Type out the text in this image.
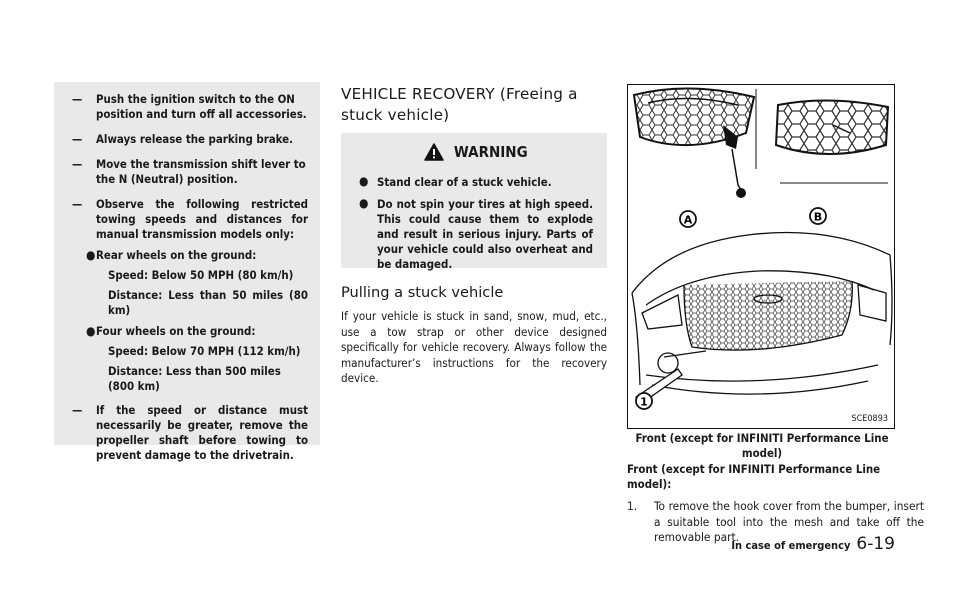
— Push the ignition switch to the ON position and turn off all accessories.

— Always release the parking brake.

— Move the transmission shift lever to the N (Neutral) position.

— Observe the following restricted towing speeds and distances for manual transmission models only:

● Rear wheels on the ground:

Speed: Below 50 MPH (80 km/h)

Distance: Less than 50 miles (80 km)

● Four wheels on the ground:

Speed: Below 70 MPH (112 km/h)

Distance: Less than 500 miles (800 km)

— If the speed or distance must necessarily be greater, remove the propeller shaft before towing to prevent damage to the drivetrain.

VEHICLE RECOVERY (Freeing a stuck vehicle)
WARNING
● Stand clear of a stuck vehicle.
● Do not spin your tires at high speed. This could cause them to explode and result in serious injury. Parts of your vehicle could also overheat and be damaged.
Pulling a stuck vehicle

If your vehicle is stuck in sand, snow, mud, etc., use a tow strap or other device designed specifically for vehicle recovery. Always follow the manufacturer’s instructions for the recovery device.

A	B
1
SCE0893
Front (except for INFINITI Performance Line model)
Front (except for INFINITI Performance Line model):
1. To remove the hook cover from the bumper, insert a suitable tool into the mesh and take off the removable part.
In case of emergency 6-19
